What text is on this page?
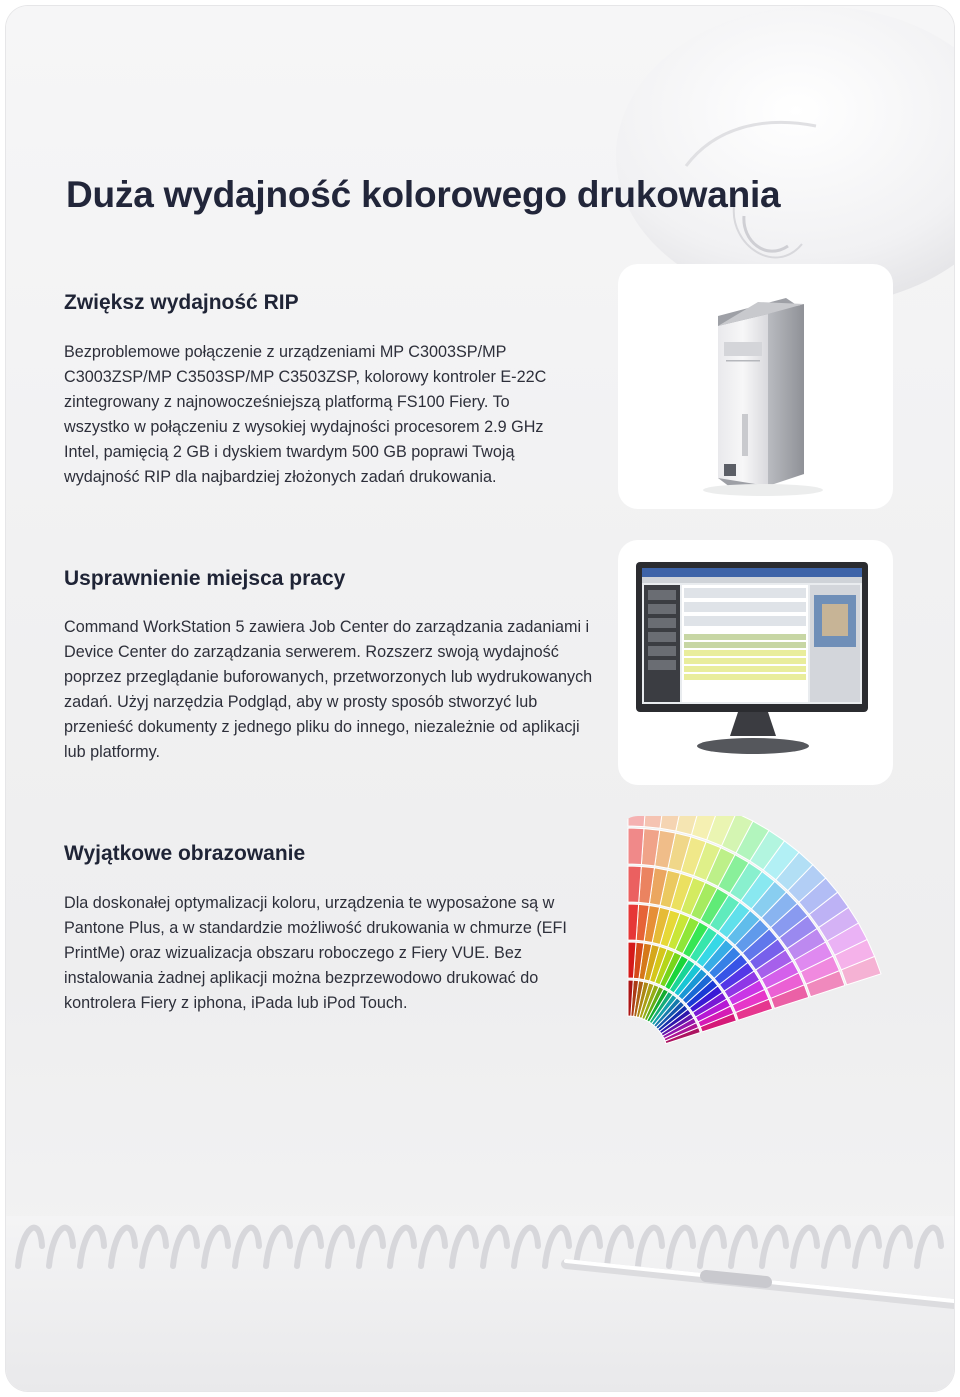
Duża wydajność kolorowego drukowania
Zwiększ wydajność RIP

Bezproblemowe połączenie z urządzeniami MP C3003SP/MP C3003ZSP/MP C3503SP/MP C3503ZSP, kolorowy kontroler E-22C zintegrowany z najnowocześniejszą platformą FS100 Fiery. To wszystko w połączeniu z wysokiej wydajności procesorem 2.9 GHz Intel, pamięcią 2 GB i dyskiem twardym 500 GB poprawi Twoją wydajność RIP dla najbardziej złożonych zadań drukowania.

Usprawnienie miejsca pracy

Command WorkStation 5 zawiera Job Center do zarządzania zadaniami i Device Center do zarządzania serwerem. Rozszerz swoją wydajność poprzez przeglądanie buforowanych, przetworzonych lub wydrukowanych zadań. Użyj narzędzia Podgląd, aby w prosty sposób stworzyć lub przenieść dokumenty z jednego pliku do innego, niezależnie od aplikacji lub platformy.

Wyjątkowe obrazowanie

Dla doskonałej optymalizacji koloru, urządzenia te wyposażone są w Pantone Plus, a w standardzie możliwość drukowania w chmurze (EFI PrintMe) oraz wizualizacja obszaru roboczego z Fiery VUE. Bez instalowania żadnej aplikacji można bezprzewodowo drukować do kontrolera Fiery z iphona, iPada lub iPod Touch.
